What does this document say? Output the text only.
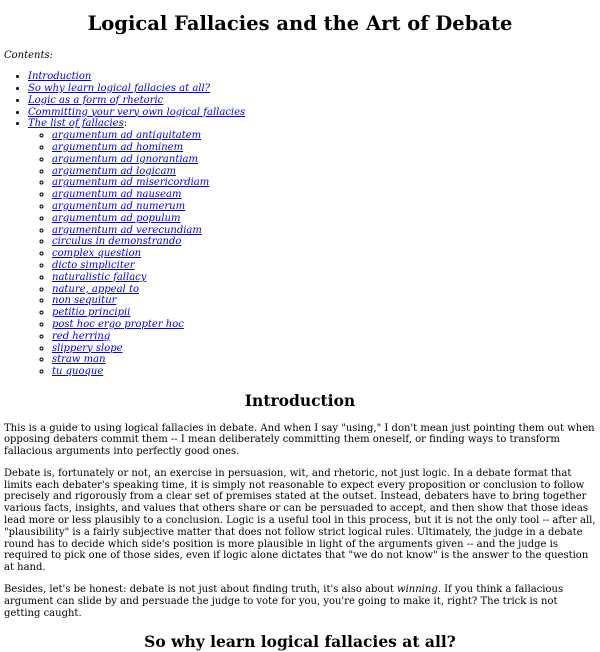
Logical Fallacies and the Art of Debate
Contents:
• Introduction
• So why learn logical fallacies at all?
• Logic as a form of rhetoric
• Committing your very own logical fallacies
• The list of fallacies:
◦ argumentum ad antiquitatem
◦ argumentum ad hominem
◦ argumentum ad ignorantiam
◦ argumentum ad logicam
◦ argumentum ad misericordiam
◦ argumentum ad nauseam
◦ argumentum ad numerum
◦ argumentum ad populum
◦ argumentum ad verecundiam
◦ circulus in demonstrando
◦ complex question
◦ dicto simpliciter
◦ naturalistic fallacy
◦ nature, appeal to
◦ non sequitur
◦ petitio principii
◦ post hoc ergo propter hoc
◦ red herring
◦ slippery slope
◦ straw man
◦ tu quoque
Introduction

This is a guide to using logical fallacies in debate. And when I say "using," I don't mean just pointing them out when opposing debaters commit them -- I mean deliberately committing them oneself, or finding ways to transform fallacious arguments into perfectly good ones.

Debate is, fortunately or not, an exercise in persuasion, wit, and rhetoric, not just logic. In a debate format that limits each debater's speaking time, it is simply not reasonable to expect every proposition or conclusion to follow precisely and rigorously from a clear set of premises stated at the outset. Instead, debaters have to bring together various facts, insights, and values that others share or can be persuaded to accept, and then show that those ideas lead more or less plausibly to a conclusion. Logic is a useful tool in this process, but it is not the only tool -- after all, "plausibility" is a fairly subjective matter that does not follow strict logical rules. Ultimately, the judge in a debate round has to decide which side's position is more plausible in light of the arguments given -- and the judge is required to pick one of those sides, even if logic alone dictates that "we do not know" is the answer to the question at hand.

Besides, let's be honest: debate is not just about finding truth, it's also about winning. If you think a fallacious argument can slide by and persuade the judge to vote for you, you're going to make it, right? The trick is not getting caught.

So why learn logical fallacies at all?
